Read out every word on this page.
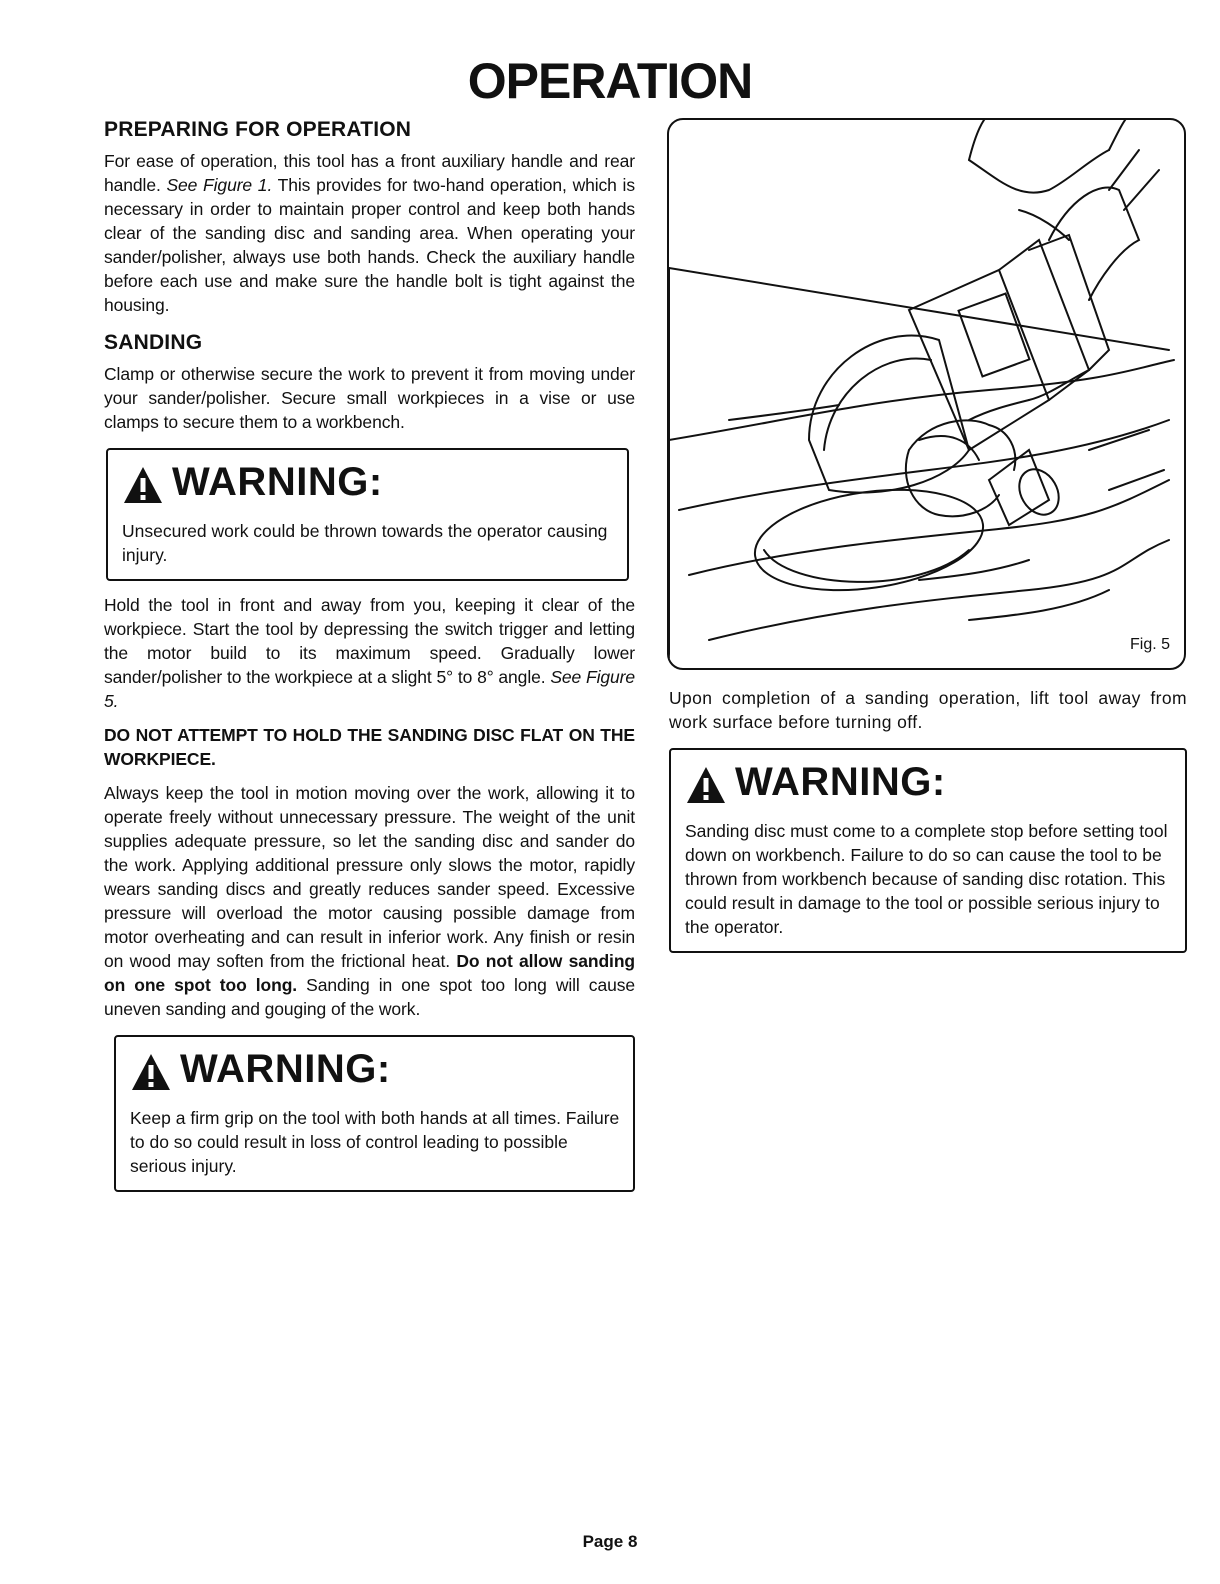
OPERATION
PREPARING FOR OPERATION

For ease of operation, this tool has a front auxiliary handle and rear handle. See Figure 1. This provides for two-hand operation, which is necessary in order to maintain proper control and keep both hands clear of the sanding disc and sanding area. When operating your sander/polisher, always use both hands. Check the auxiliary handle before each use and make sure the handle bolt is tight against the housing.

SANDING

Clamp or otherwise secure the work to prevent it from moving under your sander/polisher. Secure small workpieces in a vise or use clamps to secure them to a workbench.

WARNING:

Unsecured work could be thrown towards the operator causing injury.

Hold the tool in front and away from you, keeping it clear of the workpiece. Start the tool by depressing the switch trigger and letting the motor build to its maximum speed. Gradually lower sander/polisher to the workpiece at a slight 5° to 8° angle. See Figure 5.

DO NOT ATTEMPT TO HOLD THE SANDING DISC FLAT ON THE WORKPIECE.

Always keep the tool in motion moving over the work, allowing it to operate freely without unnecessary pressure. The weight of the unit supplies adequate pressure, so let the sanding disc and sander do the work. Applying additional pressure only slows the motor, rapidly wears sanding discs and greatly reduces sander speed. Excessive pressure will overload the motor causing possible damage from motor overheating and can result in inferior work. Any finish or resin on wood may soften from the frictional heat. Do not allow sanding on one spot too long. Sanding in one spot too long will cause uneven sanding and gouging of the work.

WARNING:

Keep a firm grip on the tool with both hands at all times. Failure to do so could result in loss of control leading to possible serious injury.

Fig. 5

Upon completion of a sanding operation, lift tool away from work surface before turning off.

WARNING:

Sanding disc must come to a complete stop before setting tool down on workbench. Failure to do so can cause the tool to be thrown from workbench because of sanding disc rotation. This could result in damage to the tool or possible serious injury to the operator.

Page 8
